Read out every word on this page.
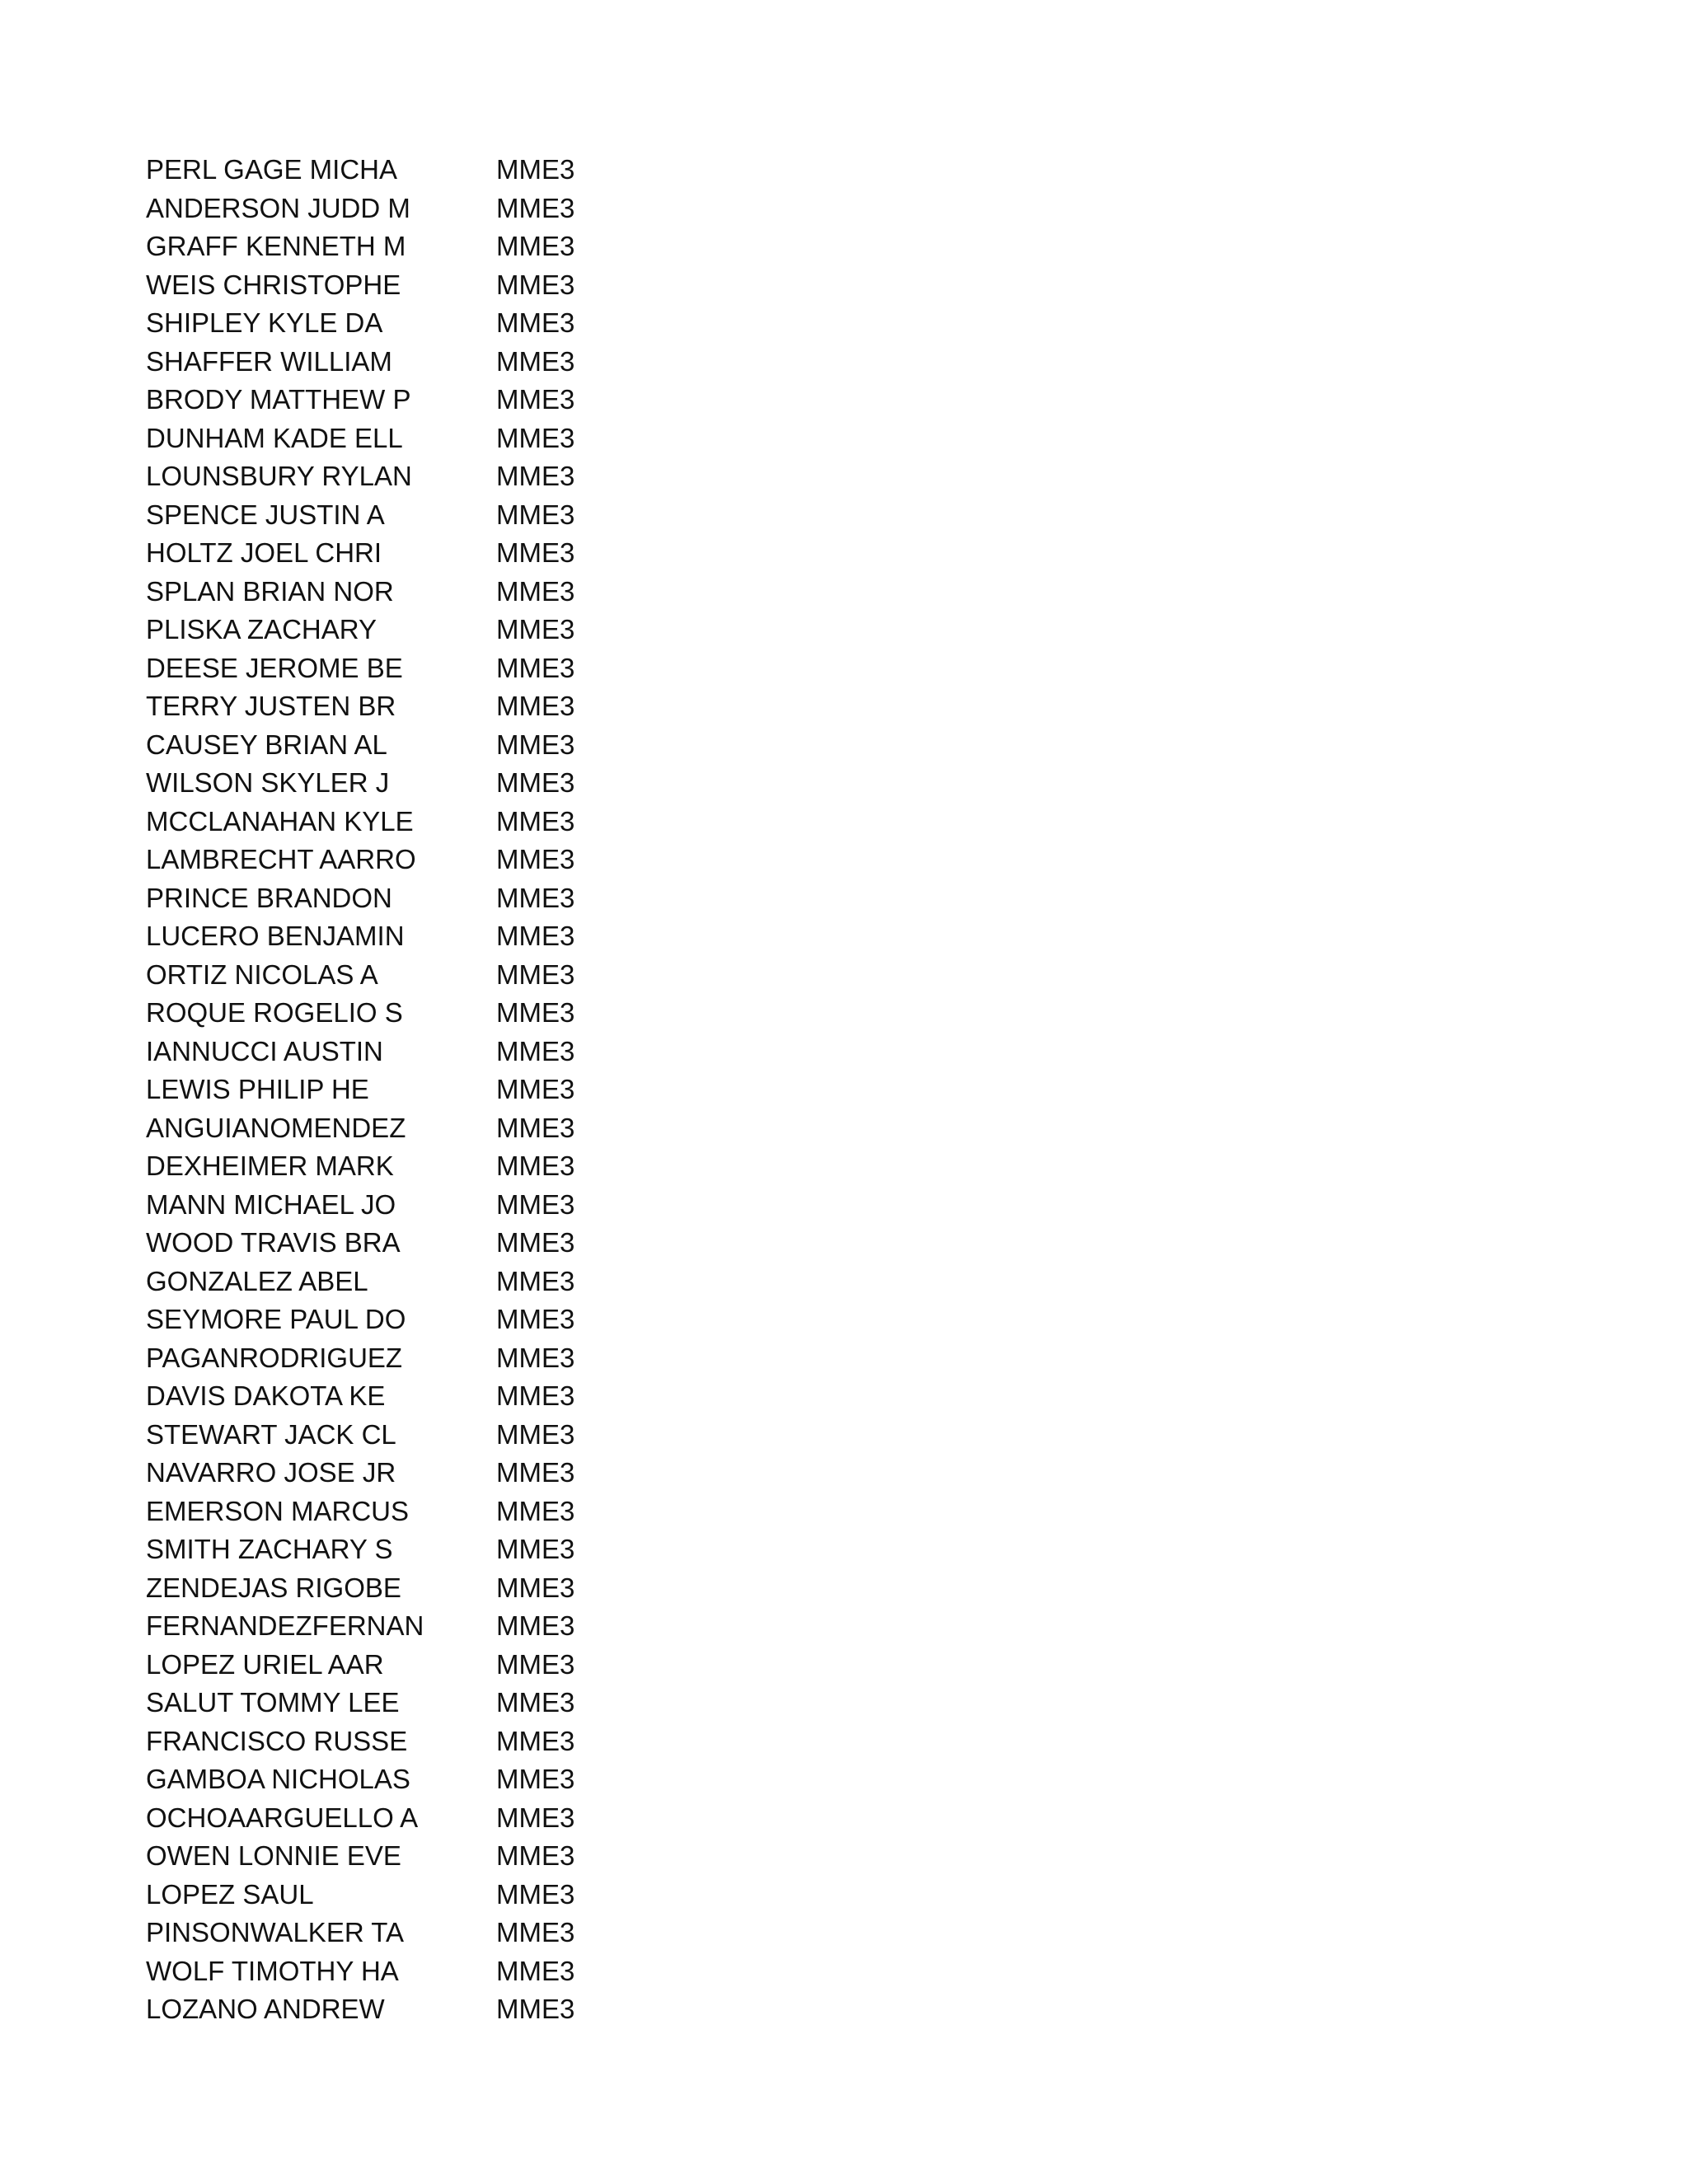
PERL GAGE MICHA	MME3
ANDERSON JUDD M	MME3
GRAFF KENNETH M	MME3
WEIS CHRISTOPHE	MME3
SHIPLEY KYLE DA	MME3
SHAFFER WILLIAM	MME3
BRODY MATTHEW P	MME3
DUNHAM KADE ELL	MME3
LOUNSBURY RYLAN	MME3
SPENCE JUSTIN A	MME3
HOLTZ JOEL CHRI	MME3
SPLAN BRIAN NOR	MME3
PLISKA ZACHARY	MME3
DEESE JEROME BE	MME3
TERRY JUSTEN BR	MME3
CAUSEY BRIAN AL	MME3
WILSON SKYLER J	MME3
MCCLANAHAN KYLE	MME3
LAMBRECHT AARRO	MME3
PRINCE BRANDON	MME3
LUCERO BENJAMIN	MME3
ORTIZ NICOLAS A	MME3
ROQUE ROGELIO S	MME3
IANNUCCI AUSTIN	MME3
LEWIS PHILIP HE	MME3
ANGUIANOMENDEZ	MME3
DEXHEIMER MARK	MME3
MANN MICHAEL JO	MME3
WOOD TRAVIS BRA	MME3
GONZALEZ ABEL	MME3
SEYMORE PAUL DO	MME3
PAGANRODRIGUEZ	MME3
DAVIS DAKOTA KE	MME3
STEWART JACK CL	MME3
NAVARRO JOSE JR	MME3
EMERSON MARCUS	MME3
SMITH ZACHARY S	MME3
ZENDEJAS RIGOBE	MME3
FERNANDEZFERNAN	MME3
LOPEZ URIEL AAR	MME3
SALUT TOMMY LEE	MME3
FRANCISCO RUSSE	MME3
GAMBOA NICHOLAS	MME3
OCHOAARGUELLO A	MME3
OWEN LONNIE EVE	MME3
LOPEZ SAUL	MME3
PINSONWALKER TA	MME3
WOLF TIMOTHY HA	MME3
LOZANO ANDREW	MME3
